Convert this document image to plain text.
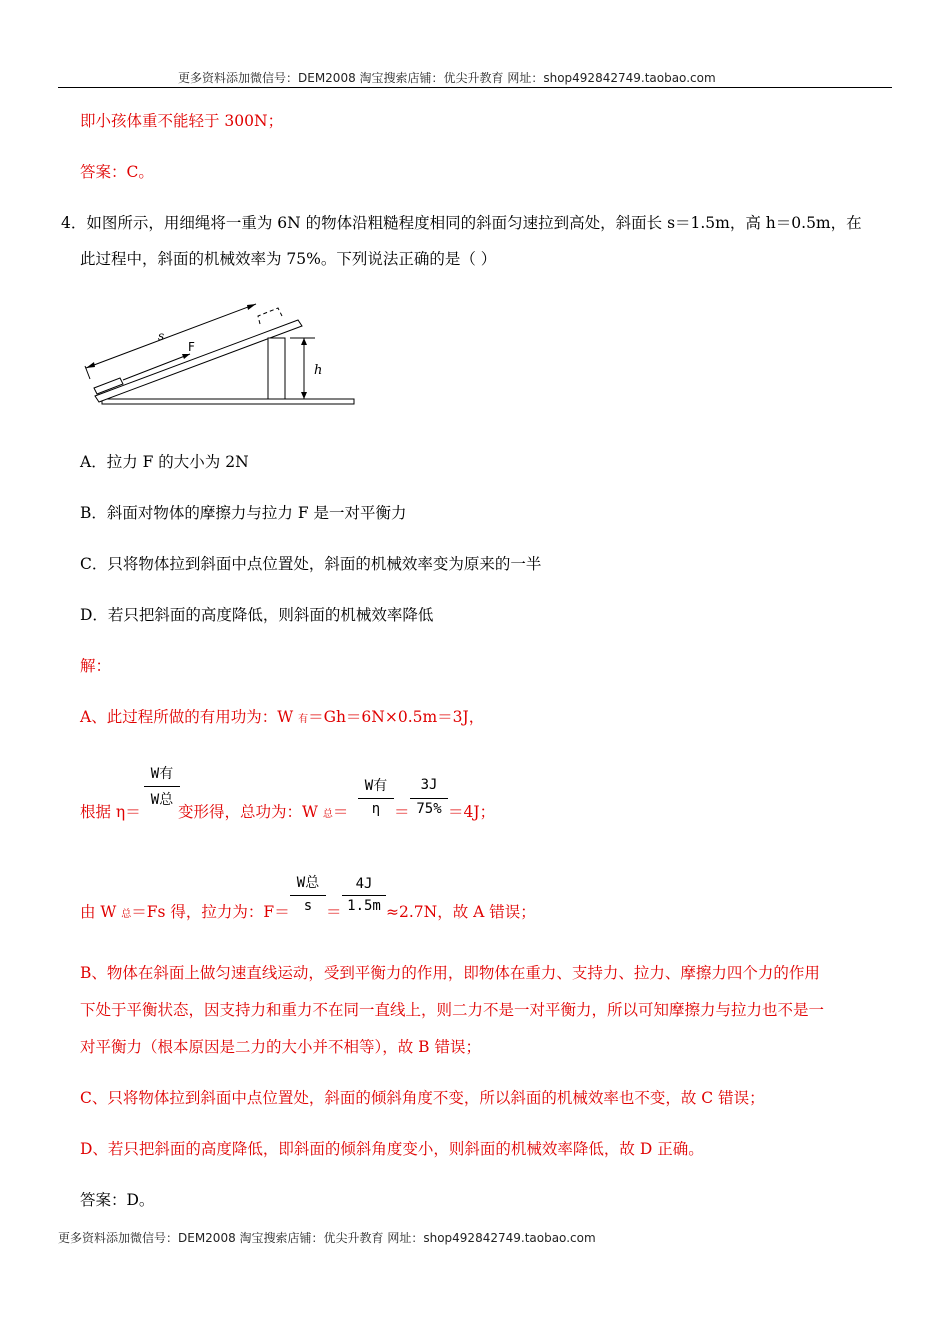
更多资料添加微信号：DEM2008 淘宝搜索店铺：优尖升教育 网址：shop492842749.taobao.com
即小孩体重不能轻于 300N；
答案：C。
4．如图所示，用细绳将一重为 6N 的物体沿粗糙程度相同的斜面匀速拉到高处，斜面长 s＝1.5m，高 h＝0.5m，在
此过程中，斜面的机械效率为 75%。下列说法正确的是（ ）
s
F
h
A．拉力 F 的大小为 2N
B．斜面对物体的摩擦力与拉力 F 是一对平衡力
C．只将物体拉到斜面中点位置处，斜面的机械效率变为原来的一半
D．若只把斜面的高度降低，则斜面的机械效率降低
解：
A、此过程所做的有用功为：W 有＝Gh＝6N×0.5m＝3J，
根据 η＝
W有
W总
变形得，总功为：W 总＝
W有
η ＝
3J
75% ＝4J；
由 W 总＝Fs 得，拉力为：F＝
W总
s ＝
4J
1.5m ≈2.7N，故 A 错误；
B、物体在斜面上做匀速直线运动，受到平衡力的作用，即物体在重力、支持力、拉力、摩擦力四个力的作用
下处于平衡状态，因支持力和重力不在同一直线上，则二力不是一对平衡力，所以可知摩擦力与拉力也不是一
对平衡力（根本原因是二力的大小并不相等），故 B 错误；
C、只将物体拉到斜面中点位置处，斜面的倾斜角度不变，所以斜面的机械效率也不变，故 C 错误；
D、若只把斜面的高度降低，即斜面的倾斜角度变小，则斜面的机械效率降低，故 D 正确。
答案：D。
更多资料添加微信号：DEM2008 淘宝搜索店铺：优尖升教育 网址：shop492842749.taobao.com
